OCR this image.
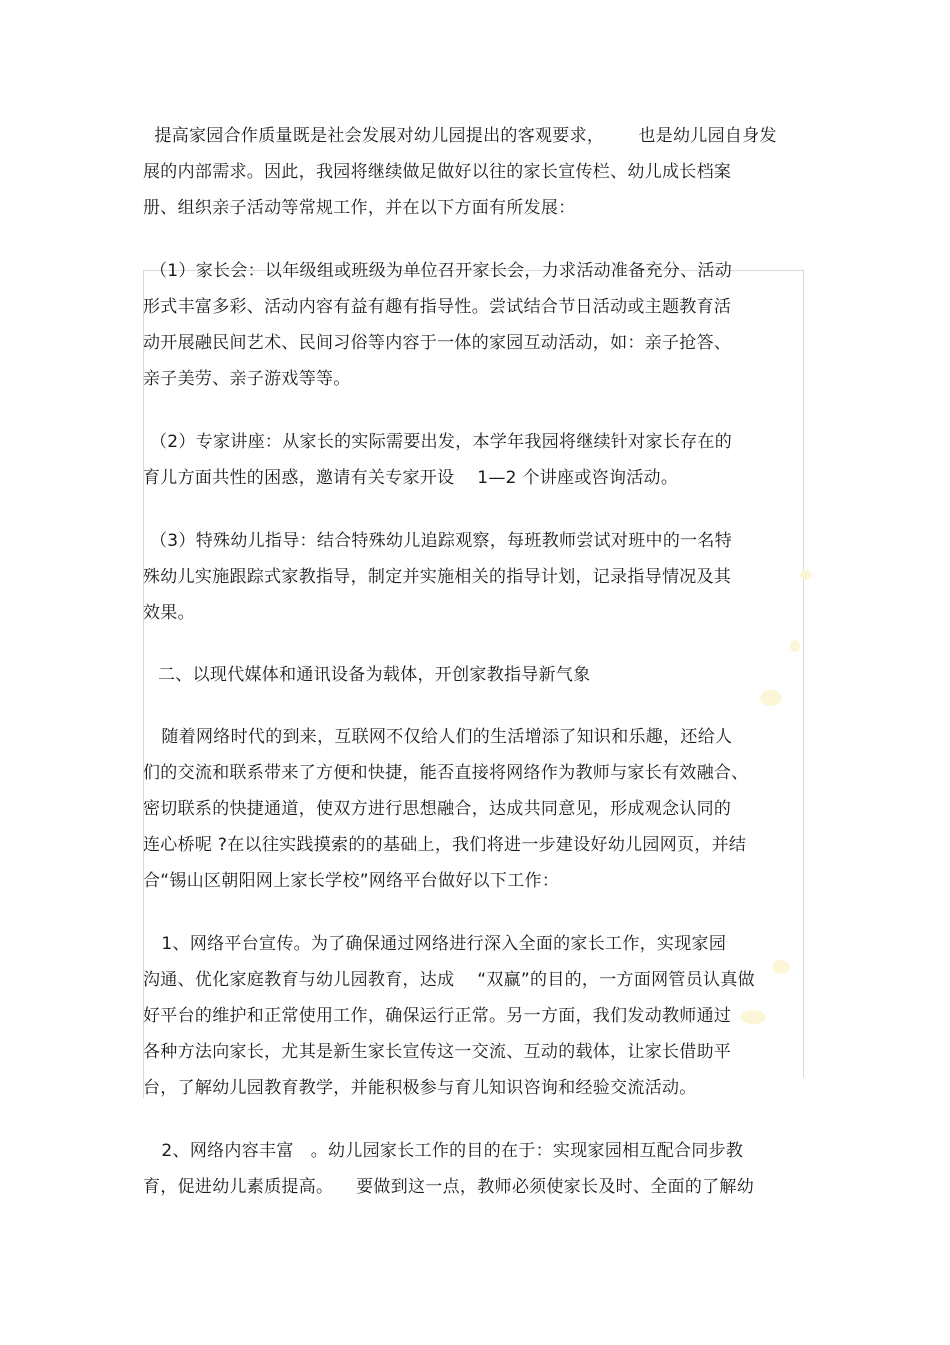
提高家园合作质量既是社会发展对幼儿园提出的客观要求，      也是幼儿园自身发
展的内部需求。因此，我园将继续做足做好以往的家长宣传栏、幼儿成长档案
册、组织亲子活动等常规工作，并在以下方面有所发展：
（1）家长会：以年级组或班级为单位召开家长会，力求活动准备充分、活动
形式丰富多彩、活动内容有益有趣有指导性。尝试结合节日活动或主题教育活
动开展融民间艺术、民间习俗等内容于一体的家园互动活动，如：亲子抢答、
亲子美劳、亲子游戏等等。
（2）专家讲座：从家长的实际需要出发，本学年我园将继续针对家长存在的
育儿方面共性的困惑，邀请有关专家开设    1—2 个讲座或咨询活动。
（3）特殊幼儿指导：结合特殊幼儿追踪观察，每班教师尝试对班中的一名特
殊幼儿实施跟踪式家教指导，制定并实施相关的指导计划，记录指导情况及其
效果。
二、以现代媒体和通讯设备为载体，开创家教指导新气象
随着网络时代的到来，互联网不仅给人们的生活增添了知识和乐趣，还给人
们的交流和联系带来了方便和快捷，能否直接将网络作为教师与家长有效融合、
密切联系的快捷通道，使双方进行思想融合，达成共同意见，形成观念认同的
连心桥呢 ?在以往实践摸索的的基础上，我们将进一步建设好幼儿园网页，并结
合“锡山区朝阳网上家长学校”网络平台做好以下工作：
1、网络平台宣传。为了确保通过网络进行深入全面的家长工作，实现家园
沟通、优化家庭教育与幼儿园教育，达成    “双赢”的目的，一方面网管员认真做
好平台的维护和正常使用工作，确保运行正常。另一方面，我们发动教师通过
各种方法向家长，尤其是新生家长宣传这一交流、互动的载体，让家长借助平
台，了解幼儿园教育教学，并能积极参与育儿知识咨询和经验交流活动。
2、网络内容丰富   。幼儿园家长工作的目的在于：实现家园相互配合同步教
育，促进幼儿素质提高。    要做到这一点，教师必须使家长及时、全面的了解幼
